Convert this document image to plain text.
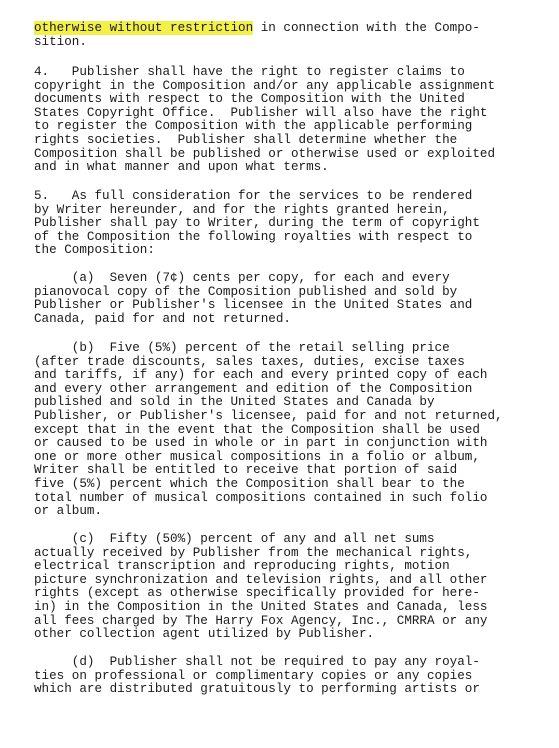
otherwise without restriction in connection with the Compo-
sition.
4.   Publisher shall have the right to register claims to
copyright in the Composition and/or any applicable assignment
documents with respect to the Composition with the United
States Copyright Office.  Publisher will also have the right
to register the Composition with the applicable performing
rights societies.  Publisher shall determine whether the
Composition shall be published or otherwise used or exploited
and in what manner and upon what terms.
5.   As full consideration for the services to be rendered
by Writer hereunder, and for the rights granted herein,
Publisher shall pay to Writer, during the term of copyright
of the Composition the following royalties with respect to
the Composition:
(a)  Seven (7¢) cents per copy, for each and every
pianovocal copy of the Composition published and sold by
Publisher or Publisher's licensee in the United States and
Canada, paid for and not returned.
(b)  Five (5%) percent of the retail selling price
(after trade discounts, sales taxes, duties, excise taxes
and tariffs, if any) for each and every printed copy of each
and every other arrangement and edition of the Composition
published and sold in the United States and Canada by
Publisher, or Publisher's licensee, paid for and not returned,
except that in the event that the Composition shall be used
or caused to be used in whole or in part in conjunction with
one or more other musical compositions in a folio or album,
Writer shall be entitled to receive that portion of said
five (5%) percent which the Composition shall bear to the
total number of musical compositions contained in such folio
or album.
(c)  Fifty (50%) percent of any and all net sums
actually received by Publisher from the mechanical rights,
electrical transcription and reproducing rights, motion
picture synchronization and television rights, and all other
rights (except as otherwise specifically provided for here-
in) in the Composition in the United States and Canada, less
all fees charged by The Harry Fox Agency, Inc., CMRRA or any
other collection agent utilized by Publisher.
(d)  Publisher shall not be required to pay any royal-
ties on professional or complimentary copies or any copies
which are distributed gratuitously to performing artists or
